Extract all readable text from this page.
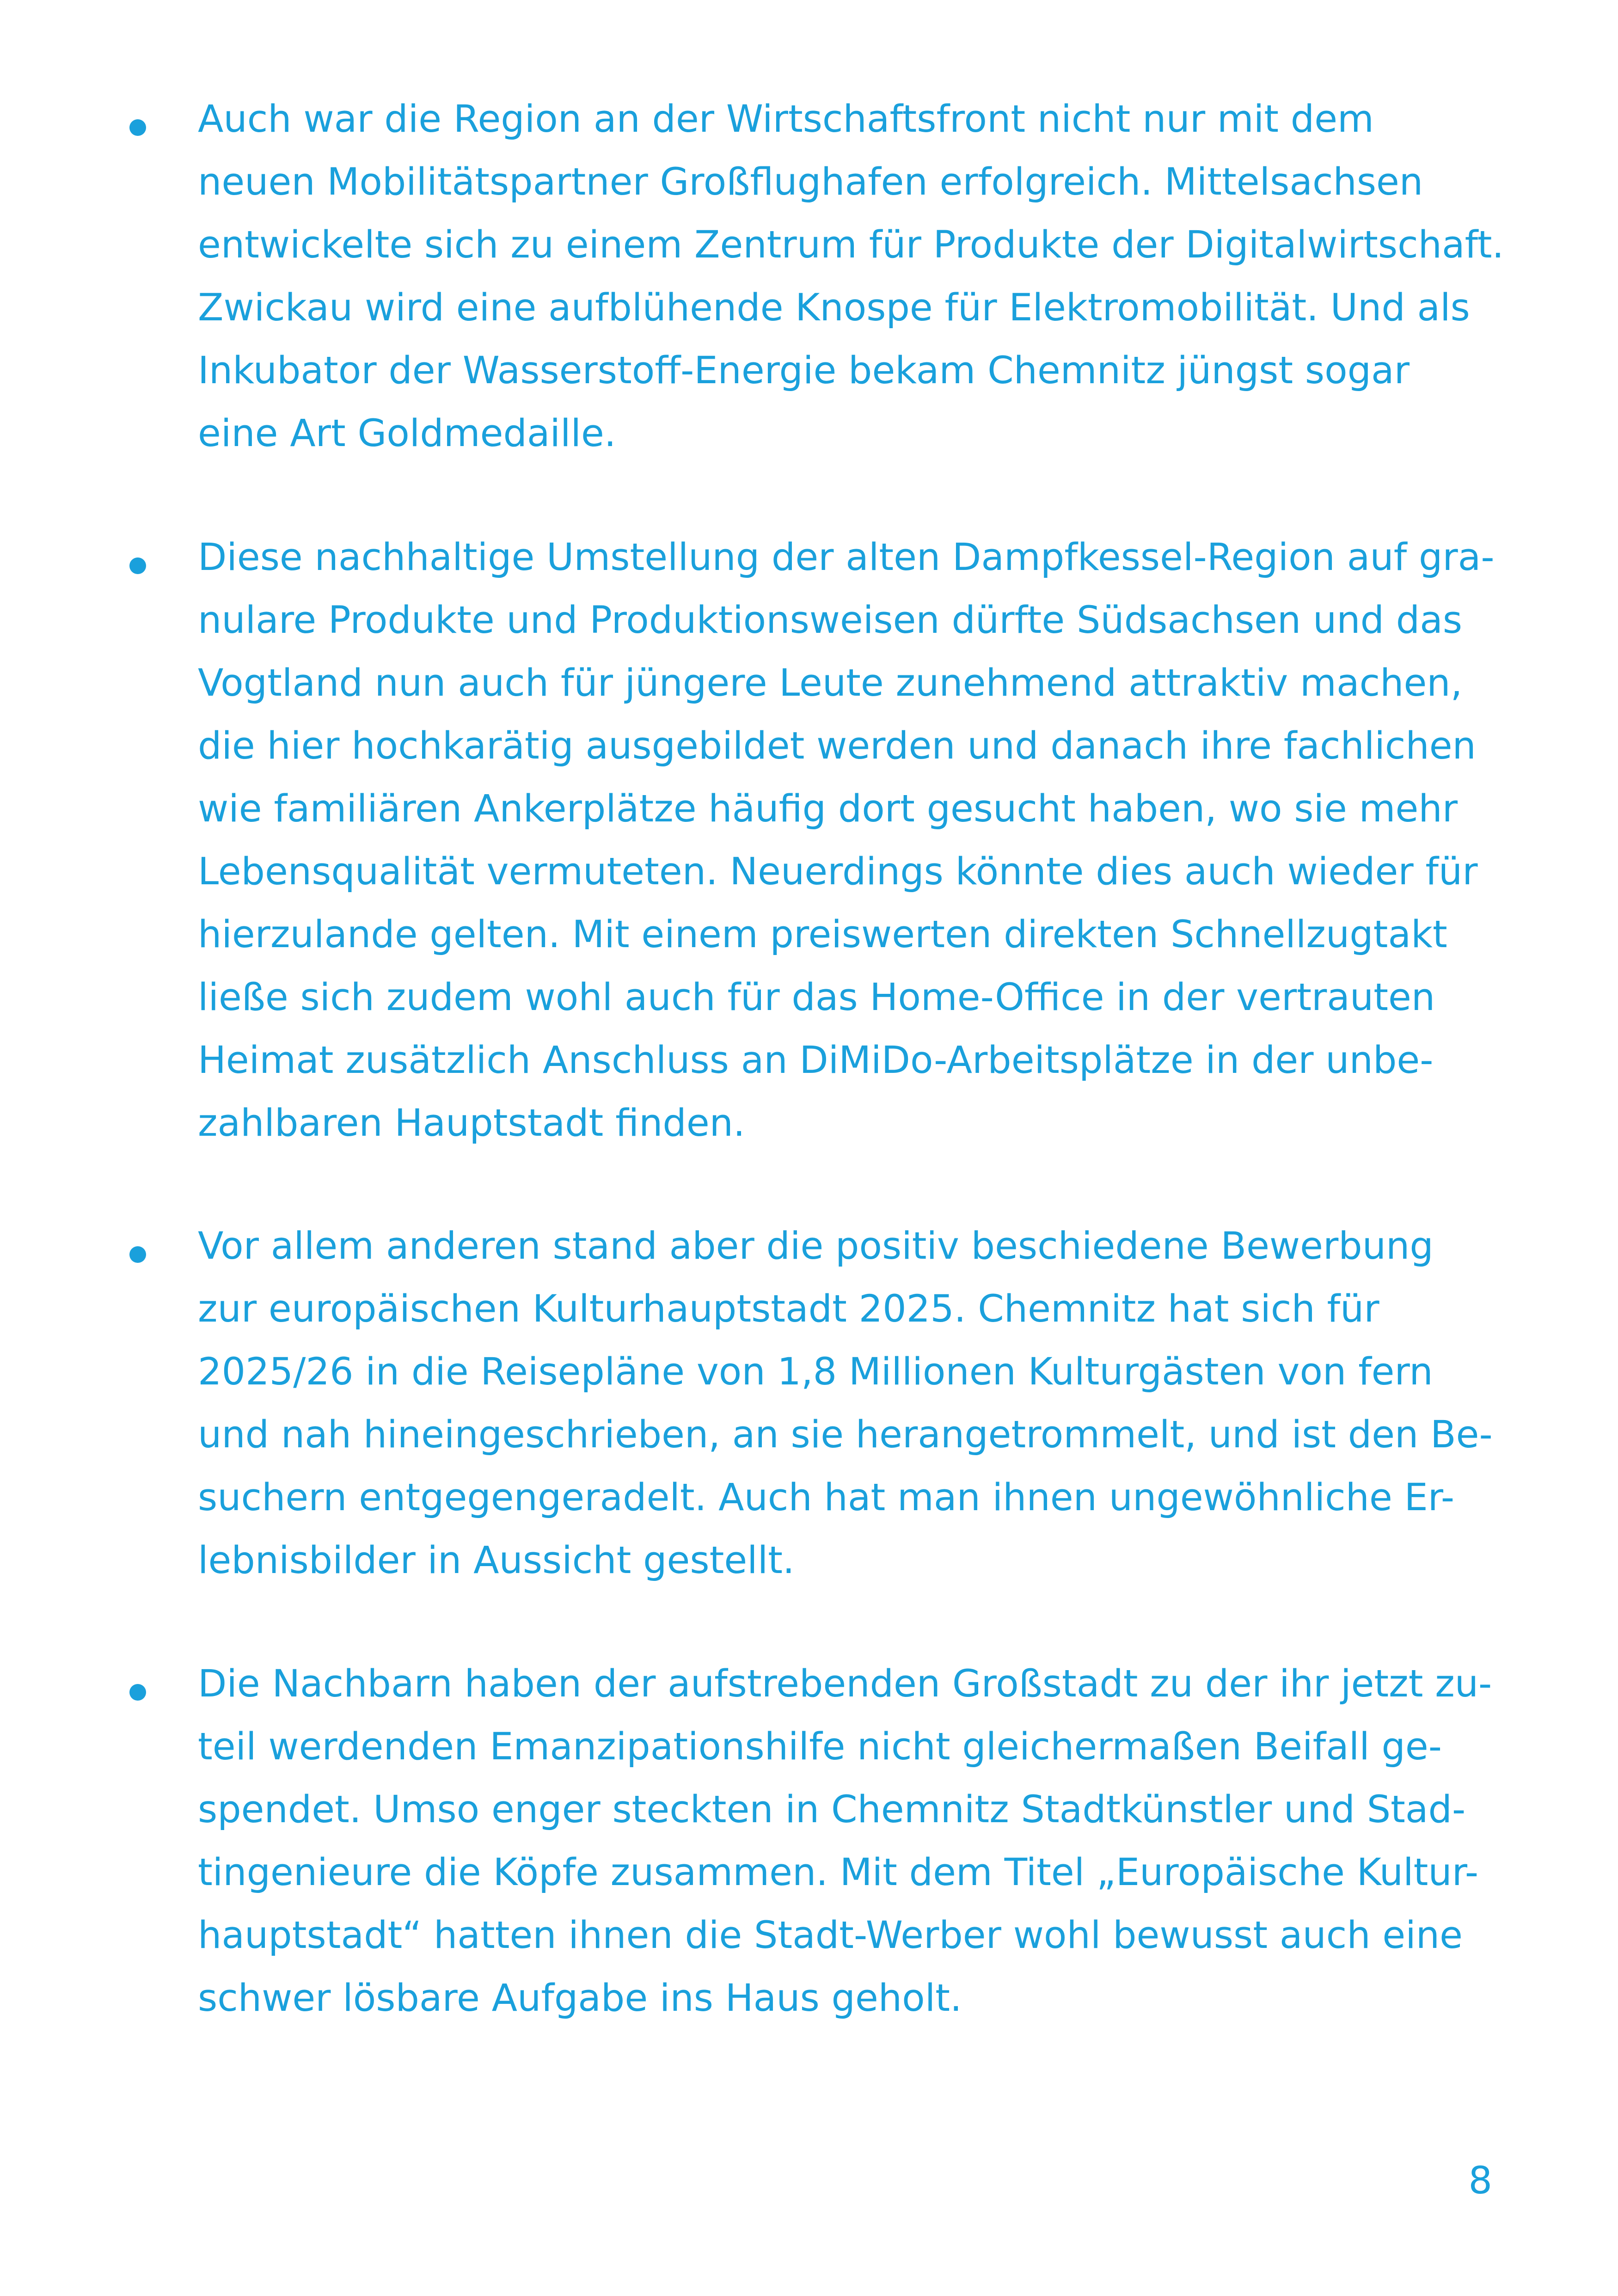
Auch war die Region an der Wirtschaftsfront nicht nur mit dem
neuen Mobilitätspartner Großflughafen erfolgreich. Mittelsachsen
entwickelte sich zu einem Zentrum für Produkte der Digitalwirtschaft.
Zwickau wird eine aufblühende Knospe für Elektromobilität. Und als
Inkubator der Wasserstoff-Energie bekam Chemnitz jüngst sogar
eine Art Goldmedaille.
Diese nachhaltige Umstellung der alten Dampfkessel-Region auf gra-
nulare Produkte und Produktionsweisen dürfte Südsachsen und das
Vogtland nun auch für jüngere Leute zunehmend attraktiv machen,
die hier hochkarätig ausgebildet werden und danach ihre fachlichen
wie familiären Ankerplätze häufig dort gesucht haben, wo sie mehr
Lebensqualität vermuteten. Neuerdings könnte dies auch wieder für
hierzulande gelten. Mit einem preiswerten direkten Schnellzugtakt
ließe sich zudem wohl auch für das Home-Office in der vertrauten
Heimat zusätzlich Anschluss an DiMiDo-Arbeitsplätze in der unbe-
zahlbaren Hauptstadt finden.
Vor allem anderen stand aber die positiv beschiedene Bewerbung
zur europäischen Kulturhauptstadt 2025. Chemnitz hat sich für
2025/26 in die Reisepläne von 1,8 Millionen Kulturgästen von fern
und nah hineingeschrieben, an sie herangetrommelt, und ist den Be-
suchern entgegengeradelt. Auch hat man ihnen ungewöhnliche Er-
lebnisbilder in Aussicht gestellt.
Die Nachbarn haben der aufstrebenden Großstadt zu der ihr jetzt zu-
teil werdenden Emanzipationshilfe nicht gleichermaßen Beifall ge-
spendet. Umso enger steckten in Chemnitz Stadtkünstler und Stad-
tingenieure die Köpfe zusammen. Mit dem Titel „Europäische Kultur-
hauptstadt“ hatten ihnen die Stadt-Werber wohl bewusst auch eine
schwer lösbare Aufgabe ins Haus geholt.
8
